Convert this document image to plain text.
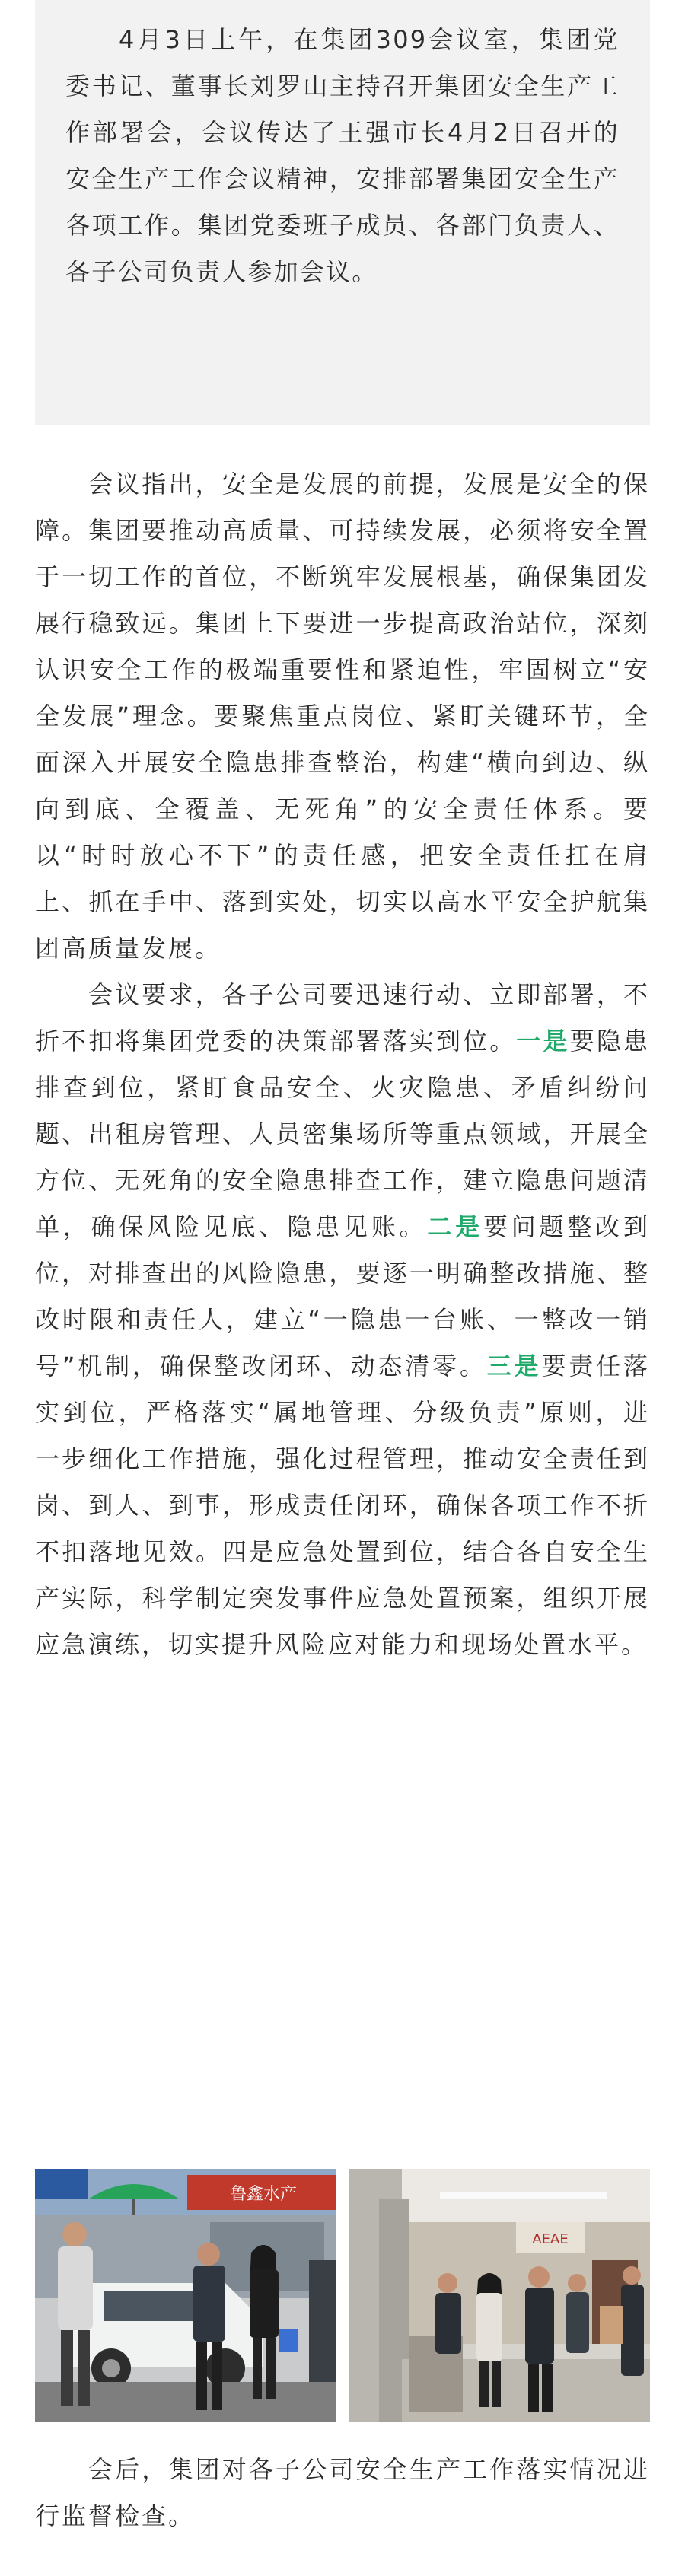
4月3日上午，在集团309会议室，集团党委书记、董事长刘罗山主持召开集团安全生产工作部署会，会议传达了王强市长4月2日召开的安全生产工作会议精神，安排部署集团安全生产各项工作。集团党委班子成员、各部门负责人、各子公司负责人参加会议。

会议指出，安全是发展的前提，发展是安全的保障。集团要推动高质量、可持续发展，必须将安全置于一切工作的首位，不断筑牢发展根基，确保集团发展行稳致远。集团上下要进一步提高政治站位，深刻认识安全工作的极端重要性和紧迫性，牢固树立“安全发展”理念。要聚焦重点岗位、紧盯关键环节，全面深入开展安全隐患排查整治，构建“横向到边、纵向到底、全覆盖、无死角”的安全责任体系。要以“时时放心不下”的责任感，把安全责任扛在肩上、抓在手中、落到实处，切实以高水平安全护航集团高质量发展。

会议要求，各子公司要迅速行动、立即部署，不折不扣将集团党委的决策部署落实到位。一是要隐患排查到位，紧盯食品安全、火灾隐患、矛盾纠纷问题、出租房管理、人员密集场所等重点领域，开展全方位、无死角的安全隐患排查工作，建立隐患问题清单，确保风险见底、隐患见账。二是要问题整改到位，对排查出的风险隐患，要逐一明确整改措施、整改时限和责任人，建立“一隐患一台账、一整改一销号”机制，确保整改闭环、动态清零。三是要责任落实到位，严格落实“属地管理、分级负责”原则，进一步细化工作措施，强化过程管理，推动安全责任到岗、到人、到事，形成责任闭环，确保各项工作不折不扣落地见效。四是应急处置到位，结合各自安全生产实际，科学制定突发事件应急处置预案，组织开展应急演练，切实提升风险应对能力和现场处置水平。

鲁鑫水产
AEAE

会后，集团对各子公司安全生产工作落实情况进行监督检查。
